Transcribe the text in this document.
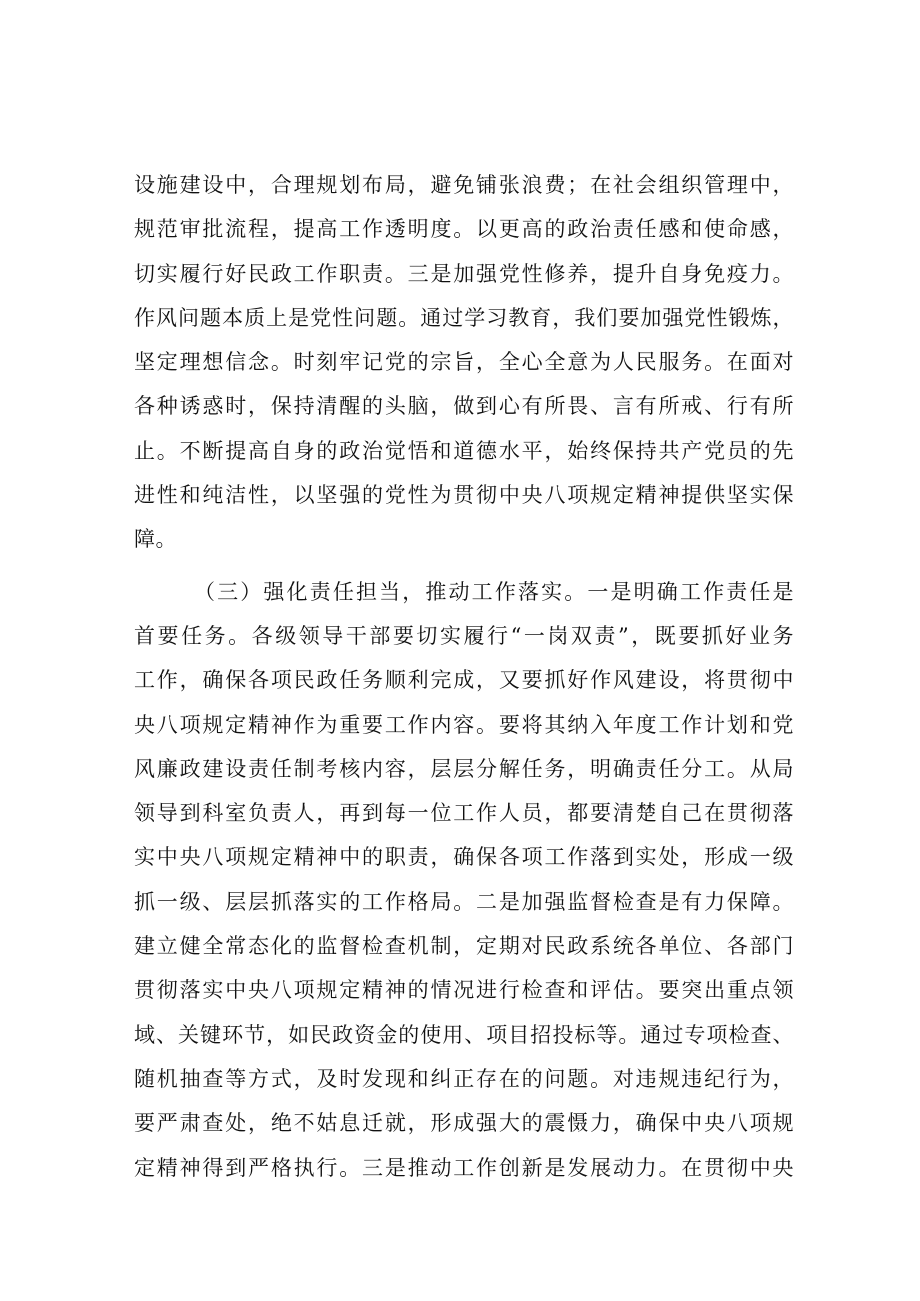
设施建设中，合理规划布局，避免铺张浪费；在社会组织管理中，
规范审批流程，提高工作透明度。以更高的政治责任感和使命感，
切实履行好民政工作职责。三是加强党性修养，提升自身免疫力。
作风问题本质上是党性问题。通过学习教育，我们要加强党性锻炼，
坚定理想信念。时刻牢记党的宗旨，全心全意为人民服务。在面对
各种诱惑时，保持清醒的头脑，做到心有所畏、言有所戒、行有所
止。不断提高自身的政治觉悟和道德水平，始终保持共产党员的先
进性和纯洁性，以坚强的党性为贯彻中央八项规定精神提供坚实保
障。

（三）强化责任担当，推动工作落实。一是明确工作责任是
首要任务。各级领导干部要切实履行“一岗双责”，既要抓好业务
工作，确保各项民政任务顺利完成，又要抓好作风建设，将贯彻中
央八项规定精神作为重要工作内容。要将其纳入年度工作计划和党
风廉政建设责任制考核内容，层层分解任务，明确责任分工。从局
领导到科室负责人，再到每一位工作人员，都要清楚自己在贯彻落
实中央八项规定精神中的职责，确保各项工作落到实处，形成一级
抓一级、层层抓落实的工作格局。二是加强监督检查是有力保障。
建立健全常态化的监督检查机制，定期对民政系统各单位、各部门
贯彻落实中央八项规定精神的情况进行检查和评估。要突出重点领
域、关键环节，如民政资金的使用、项目招投标等。通过专项检查、
随机抽查等方式，及时发现和纠正存在的问题。对违规违纪行为，
要严肃查处，绝不姑息迁就，形成强大的震慑力，确保中央八项规
定精神得到严格执行。三是推动工作创新是发展动力。在贯彻中央
